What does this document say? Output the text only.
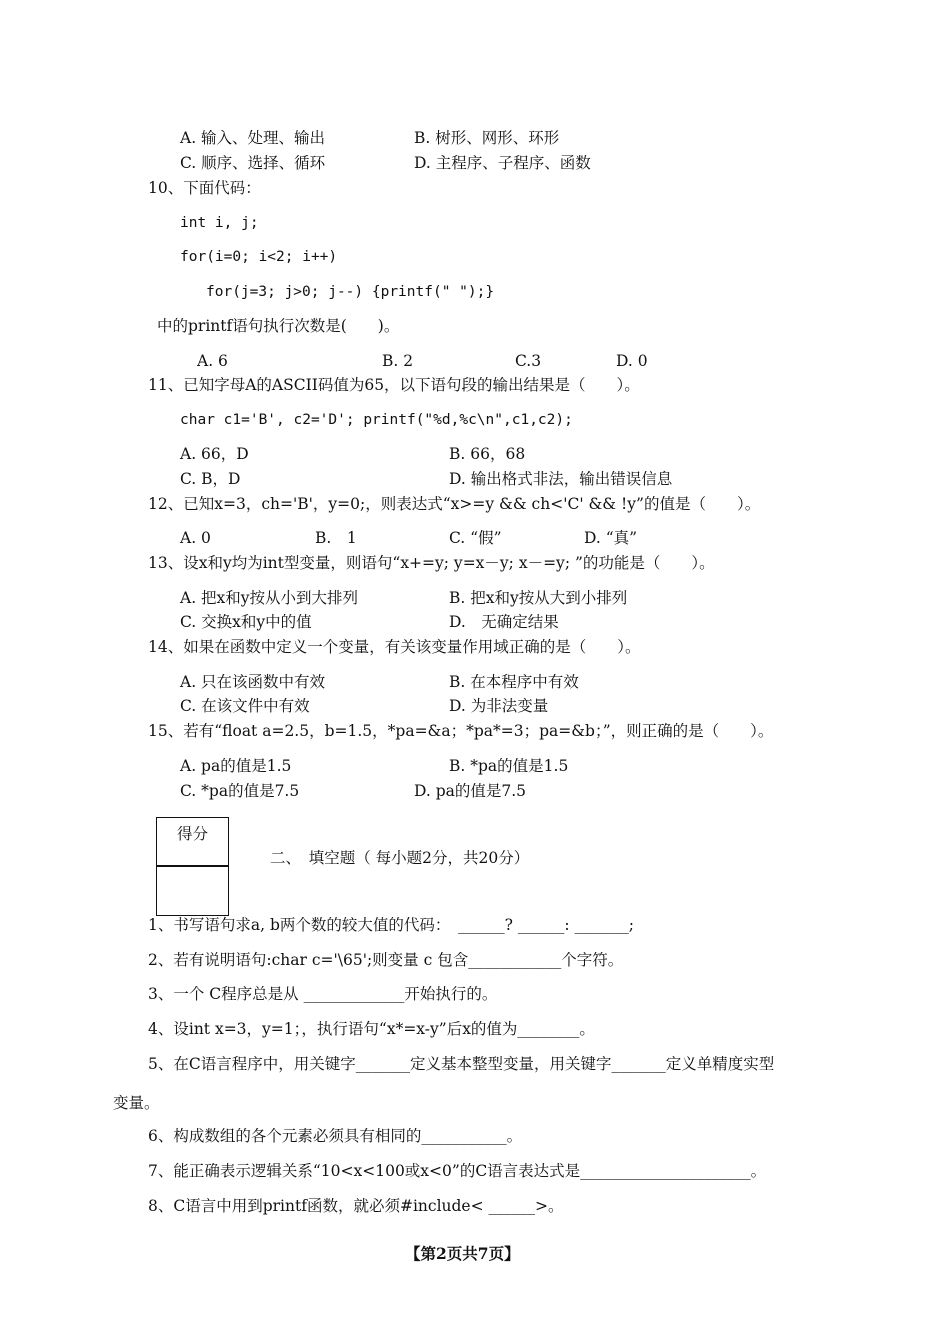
A. 输入、处理、输出	B. 树形、网形、环形
C. 顺序、选择、循环	D. 主程序、子程序、函数
10、下面代码：
int i, j;
for(i=0; i<2; i++)
for(j=3; j>0; j--) {printf(" ");}
中的printf语句执行次数是(　　)。
A. 6	B. 2	C.3	D. 0
11、已知字母A的ASCII码值为65，以下语句段的输出结果是（　　）。
char c1='B', c2='D'; printf("%d,%c\n",c1,c2);
A. 66，D	B. 66，68
C. B，D	D. 输出格式非法，输出错误信息
12、已知x=3，ch='B'，y=0;，则表达式“x>=y && ch<'C' && !y”的值是（　　）。
A. 0	B.　1	C. “假”	D. “真”
13、设x和y均为int型变量，则语句“x+=y; y=x－y; x－=y; ”的功能是（　　）。
A. 把x和y按从小到大排列	B. 把x和y按从大到小排列
C. 交换x和y中的值	D.　无确定结果
14、如果在函数中定义一个变量，有关该变量作用域正确的是（　　）。
A. 只在该函数中有效	B. 在本程序中有效
C. 在该文件中有效	D. 为非法变量
15、若有“float a=2.5，b=1.5，*pa=&a；*pa*=3；pa=&b；”，则正确的是（　　）。
A. pa的值是1.5	B. *pa的值是1.5
C. *pa的值是7.5	D. pa的值是7.5
得分
二、　填空题（ 每小题2分，共20分）
1、书写语句求a, b两个数的较大值的代码：　______? ______: _______;
2、若有说明语句:char c='\65';则变量 c 包含____________个字符。
3、一个 C程序总是从 _____________开始执行的。
4、设int x=3，y=1；，执行语句“x*=x-y”后x的值为________。
5、在C语言程序中，用关键字_______定义基本整型变量，用关键字_______定义单精度实型
变量。
6、构成数组的各个元素必须具有相同的___________。
7、能正确表示逻辑关系“10<x<100或x<0”的C语言表达式是______________________。
8、C语言中用到printf函数，就必须#include< ______>。
【第2页共7页】
